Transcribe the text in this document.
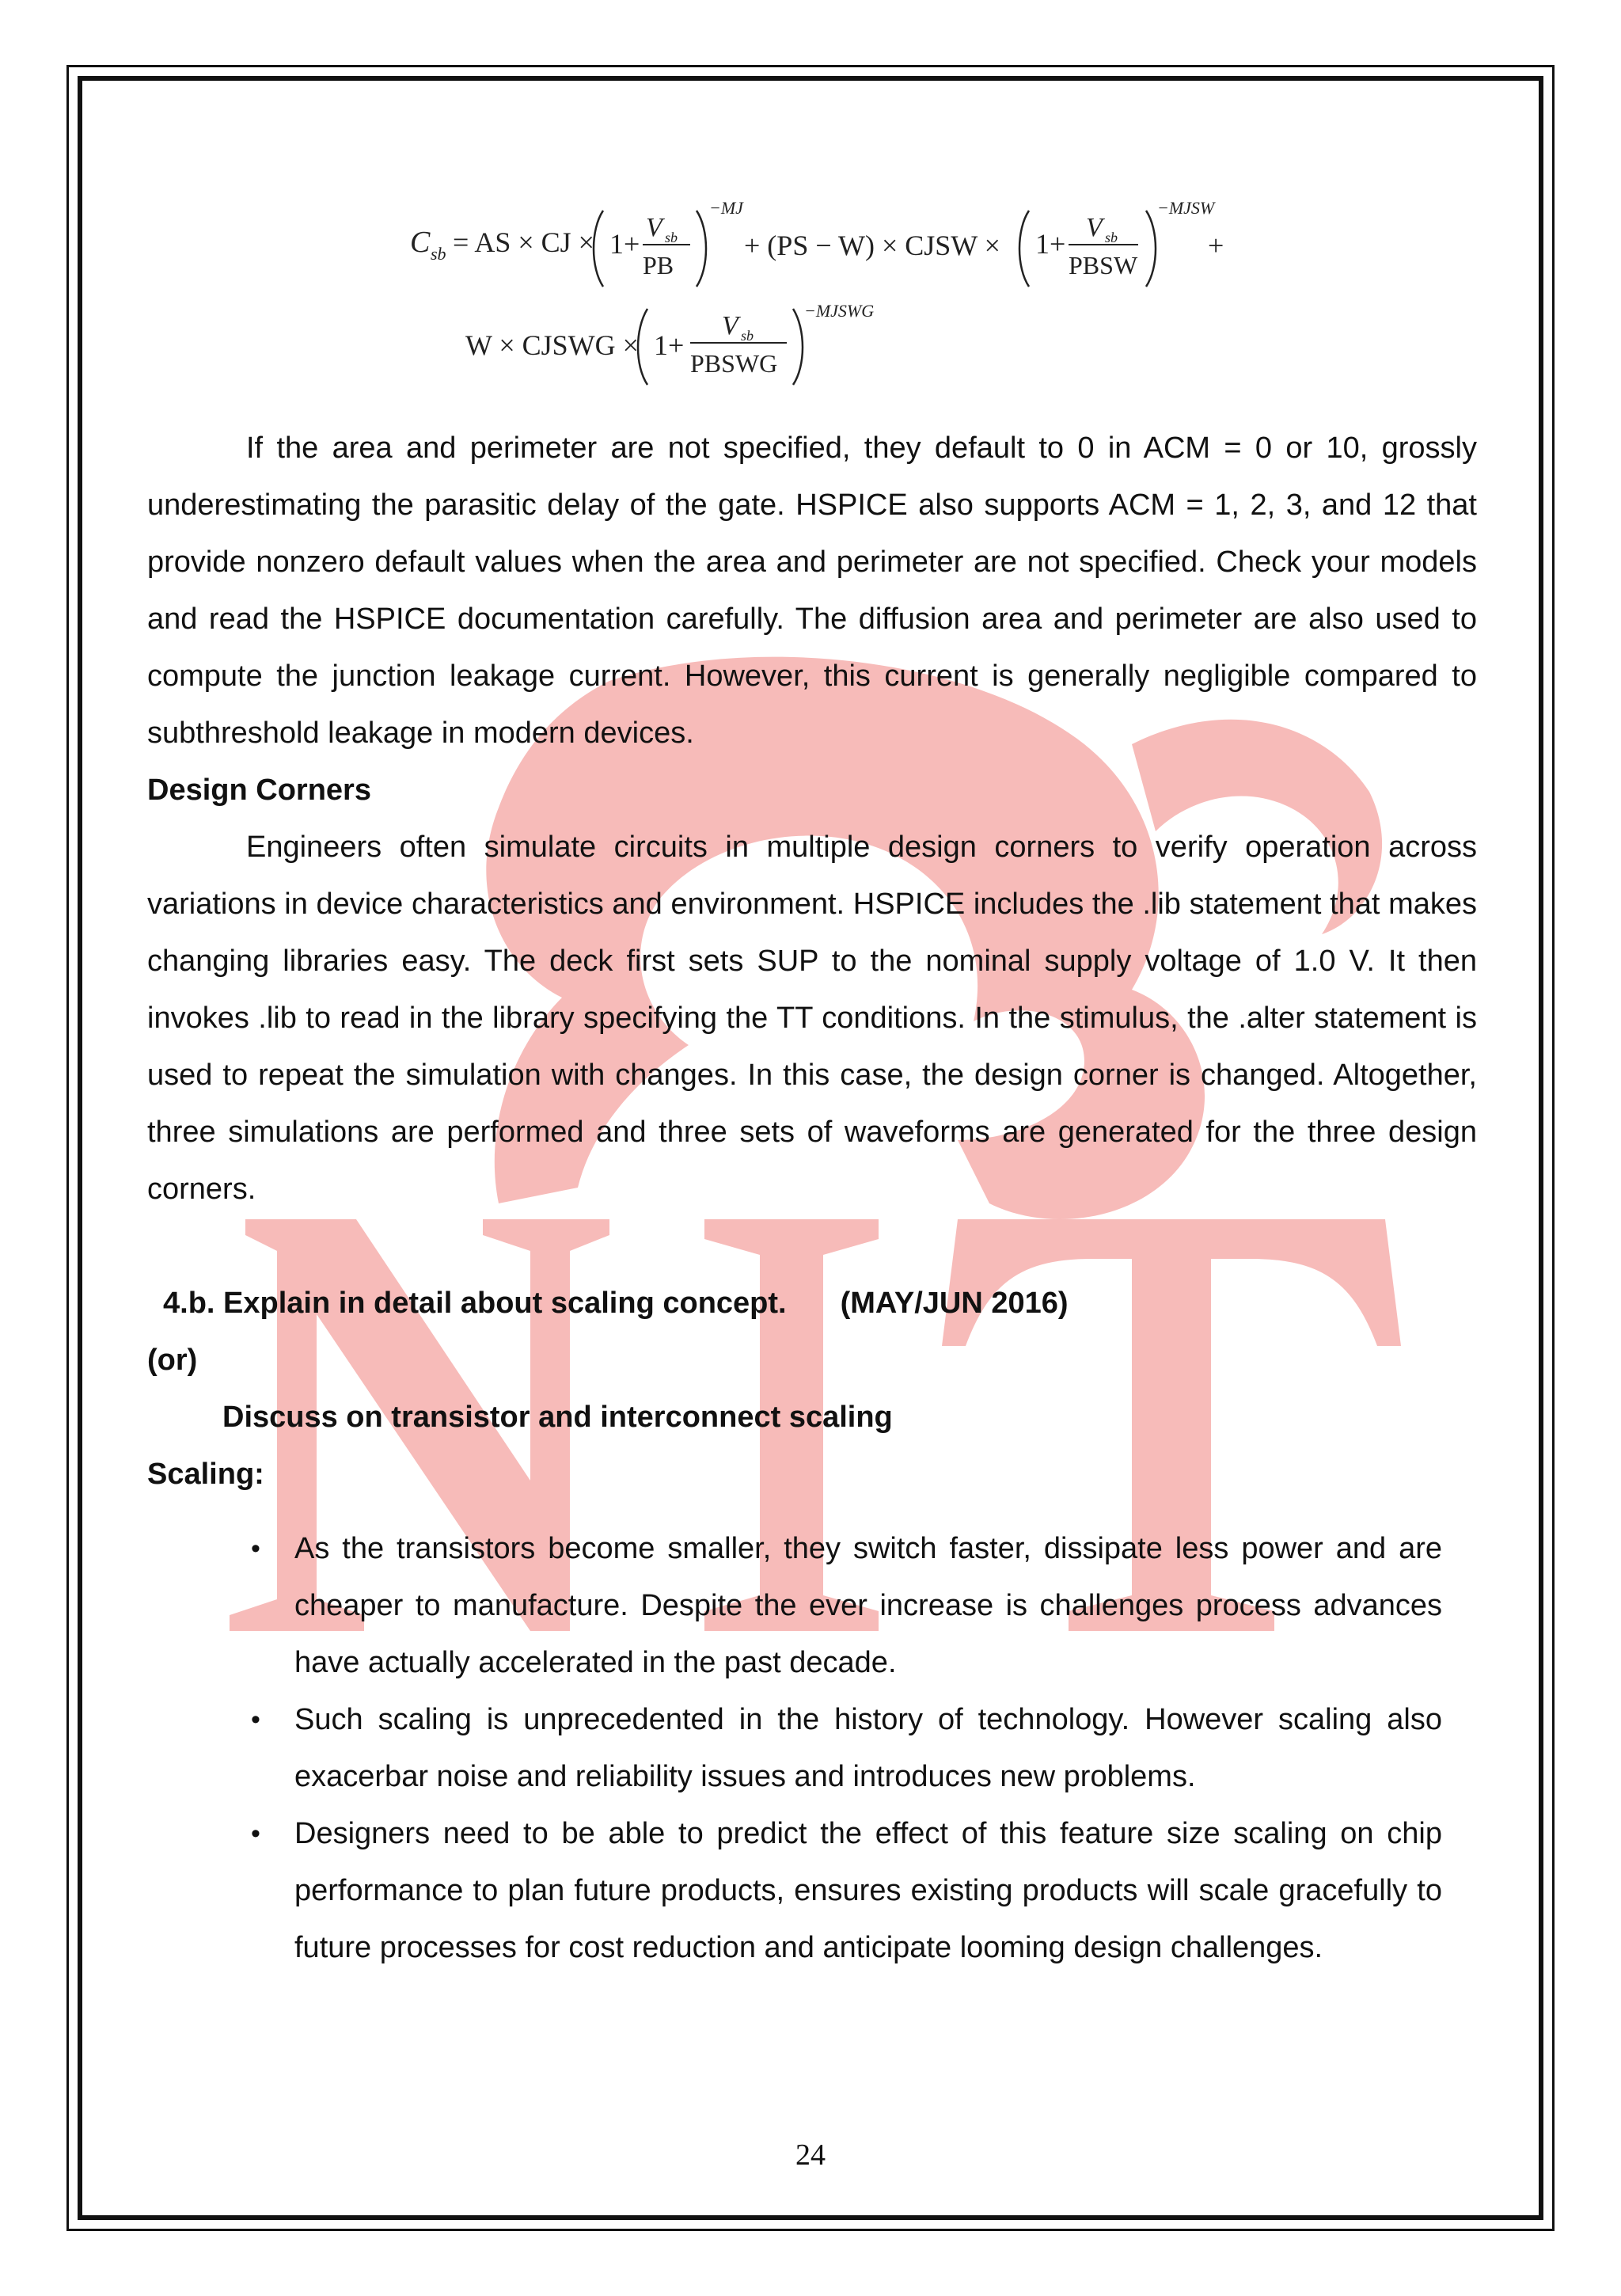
C sb = AS × CJ × 1+
V sb
PB
−MJ
+ (PS − W) × CJSW × 1+
V sb
PBSW
−MJSW
+
W × CJSWG × 1+
V sb
PBSWG
−MJSWG

If the area and perimeter are not specified, they default to 0 in ACM = 0 or 10, grossly underestimating the parasitic delay of the gate. HSPICE also supports ACM = 1, 2, 3, and 12 that provide nonzero default values when the area and perimeter are not specified. Check your models and read the HSPICE documentation carefully. The diffusion area and perimeter are also used to compute the junction leakage current. However, this current is generally negligible compared to subthreshold leakage in modern devices.

Design Corners

Engineers often simulate circuits in multiple design corners to verify operation across variations in device characteristics and environment. HSPICE includes the .lib statement that makes changing libraries easy. The deck first sets SUP to the nominal supply voltage of 1.0 V. It then invokes .lib to read in the library specifying the TT conditions. In the stimulus, the .alter statement is used to repeat the simulation with changes. In this case, the design corner is changed. Altogether, three simulations are performed and three sets of waveforms are generated for the three design corners.

4.b. Explain in detail about scaling concept. (MAY/JUN 2016)

(or)

Discuss on transistor and interconnect scaling

Scaling:

• As the transistors become smaller, they switch faster, dissipate less power and are cheaper to manufacture. Despite the ever increase is challenges process advances have actually accelerated in the past decade.
• Such scaling is unprecedented in the history of technology. However scaling also exacerbar noise and reliability issues and introduces new problems.
• Designers need to be able to predict the effect of this feature size scaling on chip performance to plan future products, ensures existing products will scale gracefully to future processes for cost reduction and anticipate looming design challenges.
24
